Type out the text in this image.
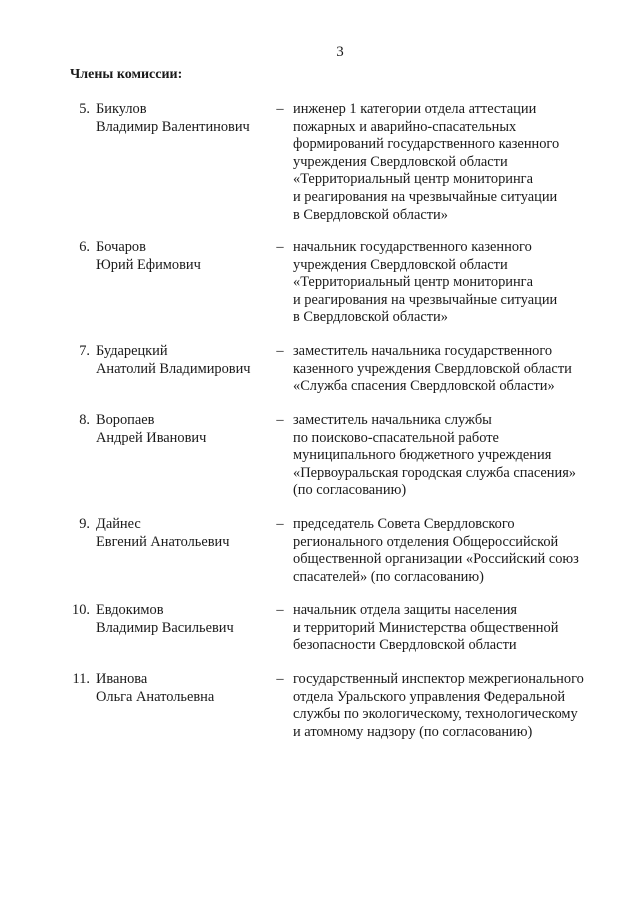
3
Члены комиссии:
5. Бикулов
Владимир Валентинович
– инженер 1 категории отдела аттестации
пожарных и аварийно-спасательных
формирований государственного казенного
учреждения Свердловской области
«Территориальный центр мониторинга
и реагирования на чрезвычайные ситуации
в Свердловской области»
6. Бочаров
Юрий Ефимович
– начальник государственного казенного
учреждения Свердловской области
«Территориальный центр мониторинга
и реагирования на чрезвычайные ситуации
в Свердловской области»
7. Бударецкий
Анатолий Владимирович
– заместитель начальника государственного
казенного учреждения Свердловской области
«Служба спасения Свердловской области»
8. Воропаев
Андрей Иванович
– заместитель начальника службы
по поисково-спасательной работе
муниципального бюджетного учреждения
«Первоуральская городская служба спасения»
(по согласованию)
9. Дайнес
Евгений Анатольевич
– председатель Совета Свердловского
регионального отделения Общероссийской
общественной организации «Российский союз
спасателей» (по согласованию)
10. Евдокимов
Владимир Васильевич
– начальник отдела защиты населения
и территорий Министерства общественной
безопасности Свердловской области
11. Иванова
Ольга Анатольевна
– государственный инспектор межрегионального
отдела Уральского управления Федеральной
службы по экологическому, технологическому
и атомному надзору (по согласованию)
